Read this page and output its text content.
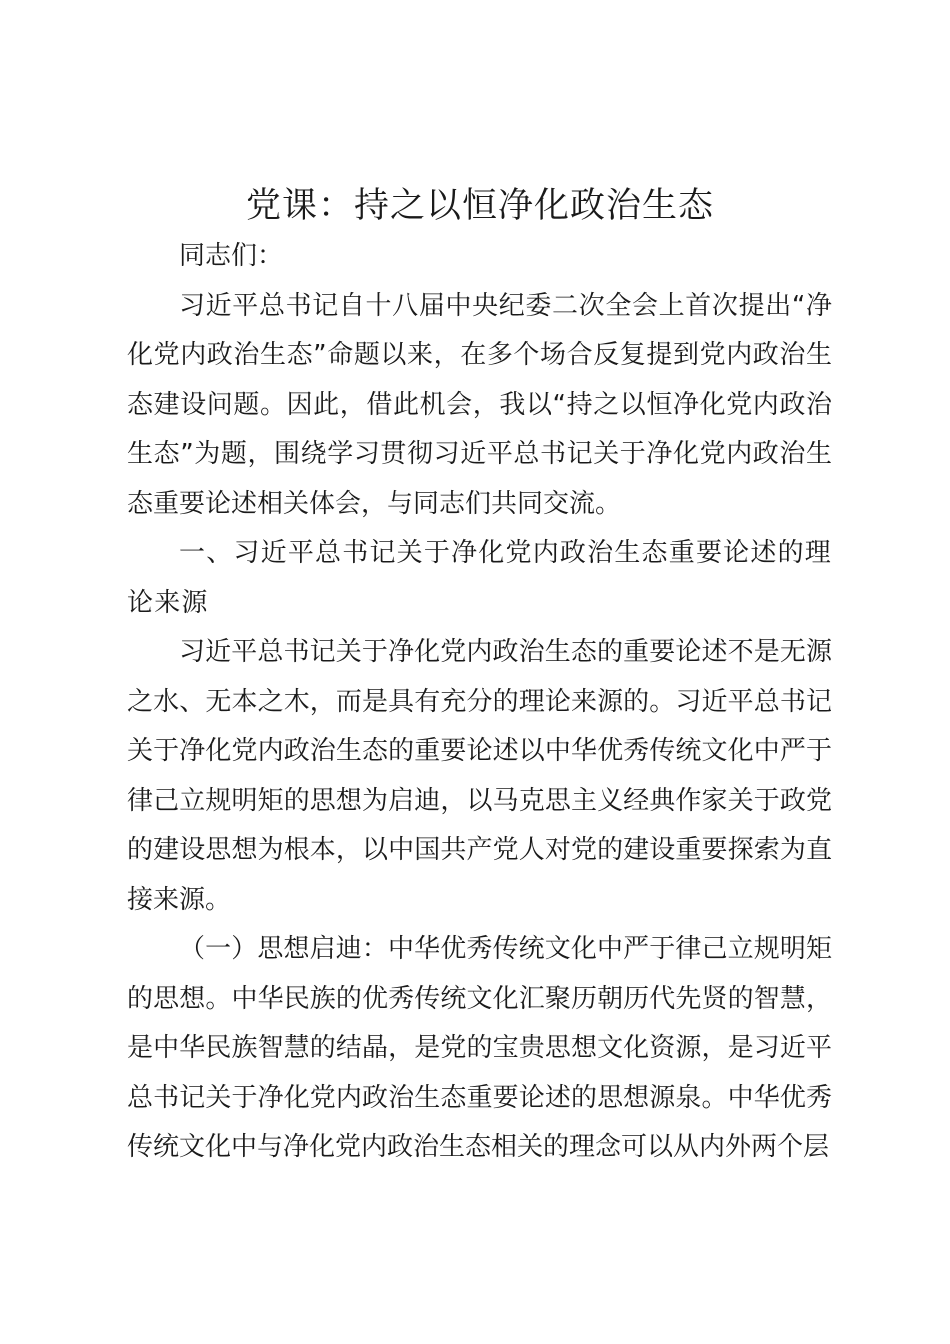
党课：持之以恒净化政治生态

同志们：

习近平总书记自十八届中央纪委二次全会上首次提出“净化党内政治生态”命题以来，在多个场合反复提到党内政治生态建设问题。因此，借此机会，我以“持之以恒净化党内政治生态”为题，围绕学习贯彻习近平总书记关于净化党内政治生态重要论述相关体会，与同志们共同交流。

一、习近平总书记关于净化党内政治生态重要论述的理论来源

习近平总书记关于净化党内政治生态的重要论述不是无源之水、无本之木，而是具有充分的理论来源的。习近平总书记关于净化党内政治生态的重要论述以中华优秀传统文化中严于律己立规明矩的思想为启迪，以马克思主义经典作家关于政党的建设思想为根本，以中国共产党人对党的建设重要探索为直接来源。

（一）思想启迪：中华优秀传统文化中严于律己立规明矩的思想。中华民族的优秀传统文化汇聚历朝历代先贤的智慧，是中华民族智慧的结晶，是党的宝贵思想文化资源，是习近平总书记关于净化党内政治生态重要论述的思想源泉。中华优秀传统文化中与净化党内政治生态相关的理念可以从内外两个层
